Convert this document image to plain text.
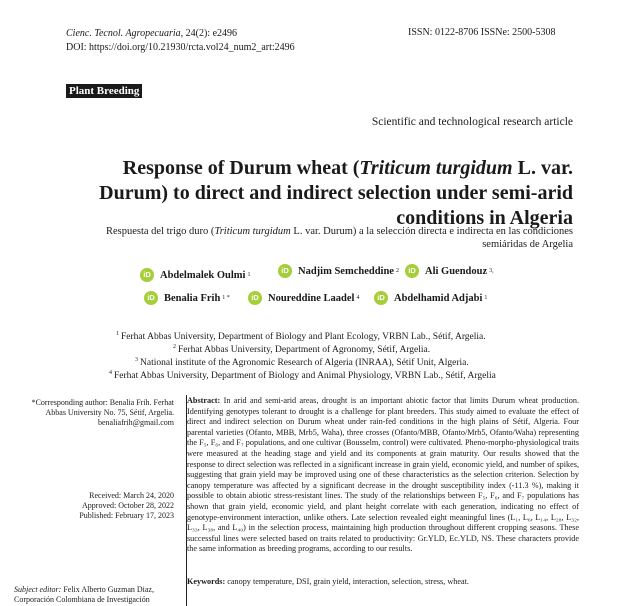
Cienc. Tecnol. Agropecuaria, 24(2): e2496
DOI: https://doi.org/10.21930/rcta.vol24_num2_art:2496
ISSN: 0122-8706 ISSNe: 2500-5308
Plant Breeding
Scientific and technological research article
Response of Durum wheat (Triticum turgidum L. var. Durum) to direct and indirect selection under semi-arid conditions in Algeria
Respuesta del trigo duro (Triticum turgidum L. var. Durum) a la selección directa e indirecta en las condiciones semiáridas de Argelia
iD Abdelmalek Oulmi 1	iD Nadjim Semcheddine 2	iD Ali Guendouz 3,
iD Benalia Frih 1 *	iD Noureddine Laadel 4	iD Abdelhamid Adjabi 1
$^1$ Ferhat Abbas University, Department of Biology and Plant Ecology, VRBN Lab., Sétif, Argelia.
$^2$ Ferhat Abbas University, Department of Agronomy, Sétif, Argelia.
$^3$ National institute of the Agronomic Research of Algeria (INRAA), Sétif Unit, Algeria.
$^4$ Ferhat Abbas University, Department of Biology and Animal Physiology, VRBN Lab., Sétif, Argelia
*Corresponding author: Benalia Frih. Ferhat
Abbas University No. 75, Sétif, Argelia.
benaliafrih@gmail.com
Received: March 24, 2020
Approved: October 28, 2022
Published: February 17, 2023
Subject editor: Felix Alberto Guzman Diaz,
Corporación Colombiana de Investigación
Abstract: In arid and semi-arid areas, drought is an important abiotic factor that limits Durum wheat production. Identifying genotypes tolerant to drought is a challenge for plant breeders. This study aimed to evaluate the effect of direct and indirect selection on Durum wheat under rain-fed conditions in the high plains of Sétif, Algeria. Four parental varieties (Ofanto, MBB, Mrb5, Waha), three crosses (Ofanto/MBB, Ofanto/Mrb5, Ofanto/Waha) representing the F₅, F₆, and F₇ populations, and one cultivar (Bousselm, control) were cultivated. Pheno-morpho-physiological traits were measured at the heading stage and yield and its components at grain maturity. Our results showed that the response to direct selection was reflected in a significant increase in grain yield, economic yield, and number of spikes, suggesting that grain yield may be improved using one of these characteristics as the selection criterion. Selection by canopy temperature was affected by a significant decrease in the drought susceptibility index (-11.3 %), making it possible to obtain abiotic stress-resistant lines. The study of the relationships between F₅, F₆, and F₇ populations has shown that grain yield, economic yield, and plant height correlate with each generation, indicating no effect of genotype-environment interaction, unlike others. Late selection revealed eight meaningful lines (L₁, L₆, L₁₄, L₂₈, L₃₂, L₃₃, L₃₈, and L₄₀) in the selection process, maintaining high production throughout different cropping seasons. These successful lines were selected based on traits related to productivity: Gr.YLD, Ec.YLD, NS. These characters provide the same information as breeding programs, according to our results.
Keywords: canopy temperature, DSI, grain yield, interaction, selection, stress, wheat.
